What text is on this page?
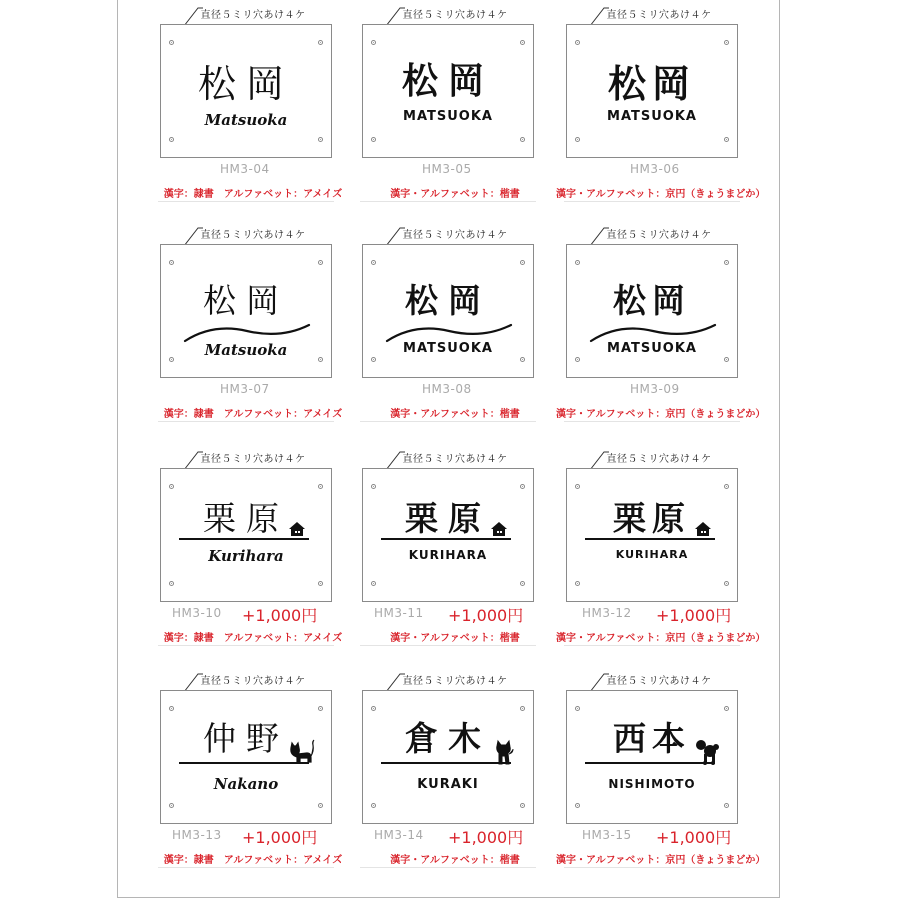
直径５ミリ穴あけ４ケ
松岡
Matsuoka
HM3-04
漢字：隷書　アルファベット：アメイズ
直径５ミリ穴あけ４ケ
松岡
MATSUOKA
HM3-05
漢字・アルファベット：楷書
直径５ミリ穴あけ４ケ
松岡
MATSUOKA
HM3-06
漢字・アルファベット：京円（きょうまどか）
直径５ミリ穴あけ４ケ
松岡
Matsuoka
HM3-07
漢字：隷書　アルファベット：アメイズ
直径５ミリ穴あけ４ケ
松岡
MATSUOKA
HM3-08
漢字・アルファベット：楷書
直径５ミリ穴あけ４ケ
松岡
MATSUOKA
HM3-09
漢字・アルファベット：京円（きょうまどか）
直径５ミリ穴あけ４ケ
栗原
Kurihara
HM3-10 +1,000円
漢字：隷書　アルファベット：アメイズ
直径５ミリ穴あけ４ケ
栗原
KURIHARA
HM3-11 +1,000円
漢字・アルファベット：楷書
直径５ミリ穴あけ４ケ
栗原
KURIHARA
HM3-12 +1,000円
漢字・アルファベット：京円（きょうまどか）
直径５ミリ穴あけ４ケ
仲野
Nakano
HM3-13 +1,000円
漢字：隷書　アルファベット：アメイズ
直径５ミリ穴あけ４ケ
倉木
KURAKI
HM3-14 +1,000円
漢字・アルファベット：楷書
直径５ミリ穴あけ４ケ
西本
NISHIMOTO
HM3-15 +1,000円
漢字・アルファベット：京円（きょうまどか）
